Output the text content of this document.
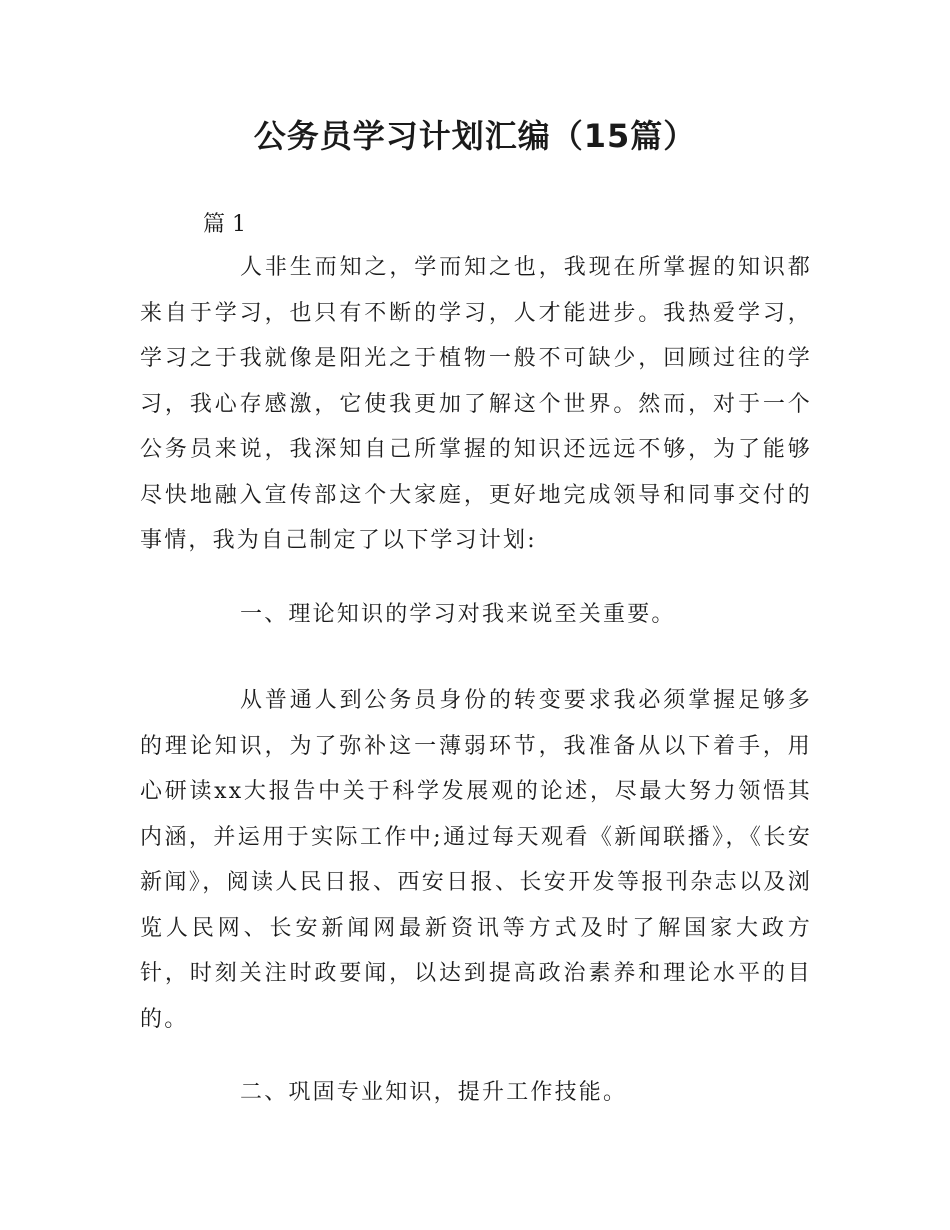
公务员学习计划汇编（15篇）

篇 1

人非生而知之，学而知之也，我现在所掌握的知识都来自于学习，也只有不断的学习，人才能进步。我热爱学习，学习之于我就像是阳光之于植物一般不可缺少，回顾过往的学习，我心存感激，它使我更加了解这个世界。然而，对于一个公务员来说，我深知自己所掌握的知识还远远不够，为了能够尽快地融入宣传部这个大家庭，更好地完成领导和同事交付的事情，我为自己制定了以下学习计划:

一、理论知识的学习对我来说至关重要。

从普通人到公务员身份的转变要求我必须掌握足够多的理论知识，为了弥补这一薄弱环节，我准备从以下着手，用心研读xx大报告中关于科学发展观的论述，尽最大努力领悟其内涵，并运用于实际工作中;通过每天观看《新闻联播》，《长安新闻》，阅读人民日报、西安日报、长安开发等报刊杂志以及浏览人民网、长安新闻网最新资讯等方式及时了解国家大政方针，时刻关注时政要闻，以达到提高政治素养和理论水平的目的。

二、巩固专业知识，提升工作技能。
